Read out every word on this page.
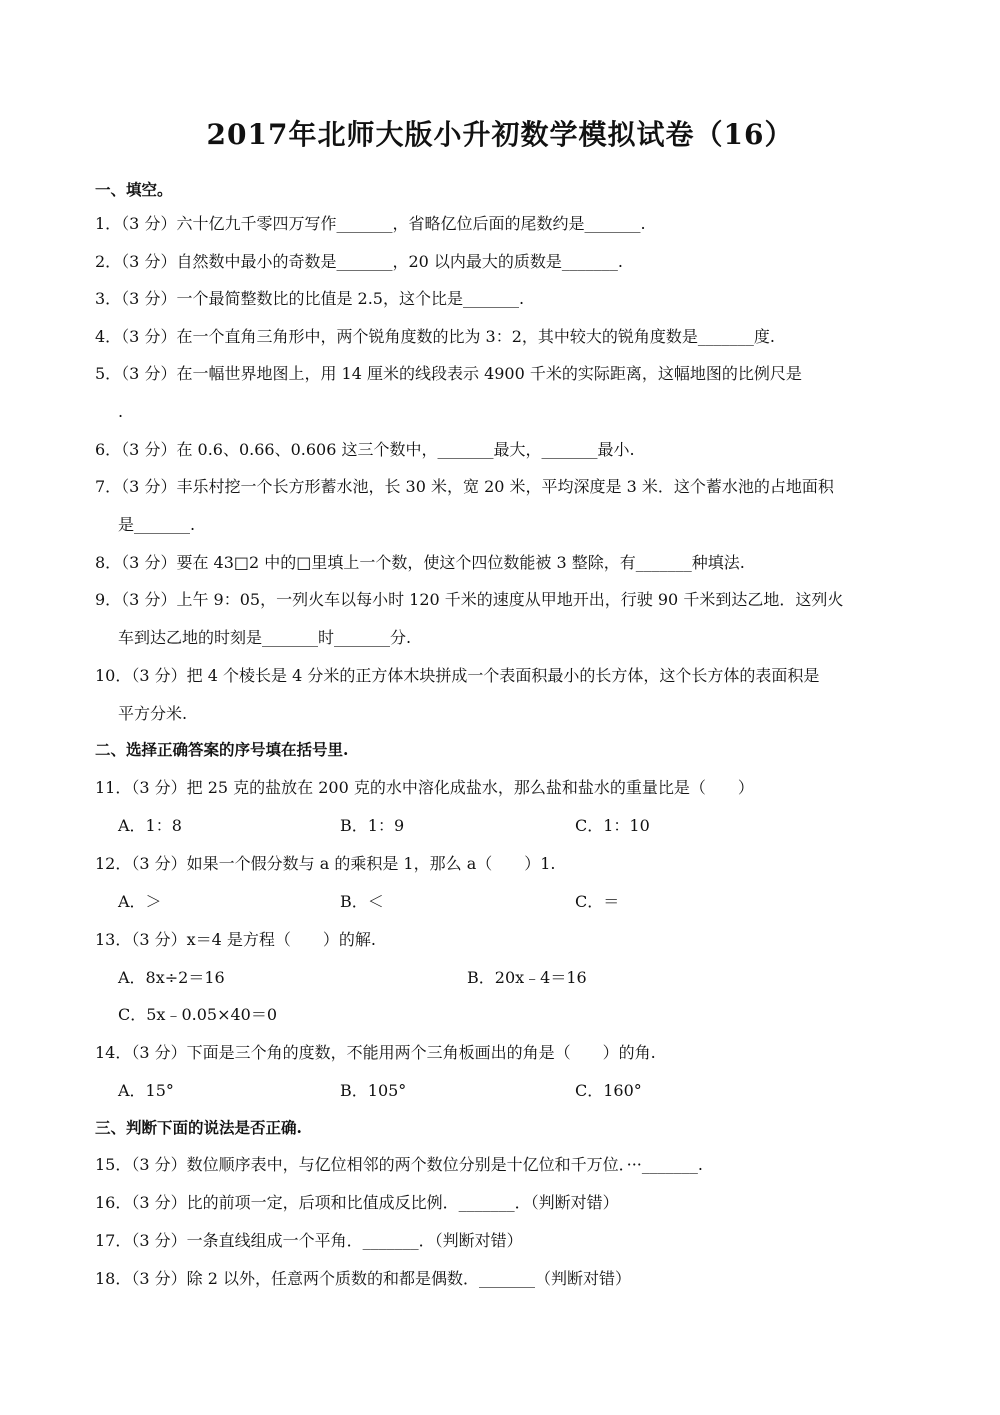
2017年北师大版小升初数学模拟试卷（16）
一、填空。
1．（3 分）六十亿九千零四万写作_______，省略亿位后面的尾数约是_______.
2．（3 分）自然数中最小的奇数是_______，20 以内最大的质数是_______.
3．（3 分）一个最简整数比的比值是 2.5，这个比是_______.
4．（3 分）在一个直角三角形中，两个锐角度数的比为 3：2，其中较大的锐角度数是_______度.
5．（3 分）在一幅世界地图上，用 14 厘米的线段表示 4900 千米的实际距离，这幅地图的比例尺是
.
6．（3 分）在 0.6、0.66、0.606 这三个数中，_______最大，_______最小.
7．（3 分）丰乐村挖一个长方形蓄水池，长 30 米，宽 20 米，平均深度是 3 米．这个蓄水池的占地面积
是_______.
8．（3 分）要在 43□2 中的□里填上一个数，使这个四位数能被 3 整除，有_______种填法.
9．（3 分）上午 9：05，一列火车以每小时 120 千米的速度从甲地开出，行驶 90 千米到达乙地．这列火
车到达乙地的时刻是_______时_______分.
10．（3 分）把 4 个棱长是 4 分米的正方体木块拼成一个表面积最小的长方体，这个长方体的表面积是
平方分米.
二、选择正确答案的序号填在括号里.
11．（3 分）把 25 克的盐放在 200 克的水中溶化成盐水，那么盐和盐水的重量比是（　　）
A．1：8	B．1：9	C．1：10
12．（3 分）如果一个假分数与 a 的乘积是 1，那么 a（　　）1.
A．＞	B．＜	C．＝
13．（3 分）x＝4 是方程（　　）的解.
A．8x÷2＝16	B．20x﹣4＝16
C．5x﹣0.05×40＝0
14．（3 分）下面是三个角的度数，不能用两个三角板画出的角是（　　）的角.
A．15°	B．105°	C．160°
三、判断下面的说法是否正确.
15．（3 分）数位顺序表中，与亿位相邻的两个数位分别是十亿位和千万位．···_______.
16．（3 分）比的前项一定，后项和比值成反比例．_______．（判断对错）
17．（3 分）一条直线组成一个平角．_______．（判断对错）
18．（3 分）除 2 以外，任意两个质数的和都是偶数．_______（判断对错）
